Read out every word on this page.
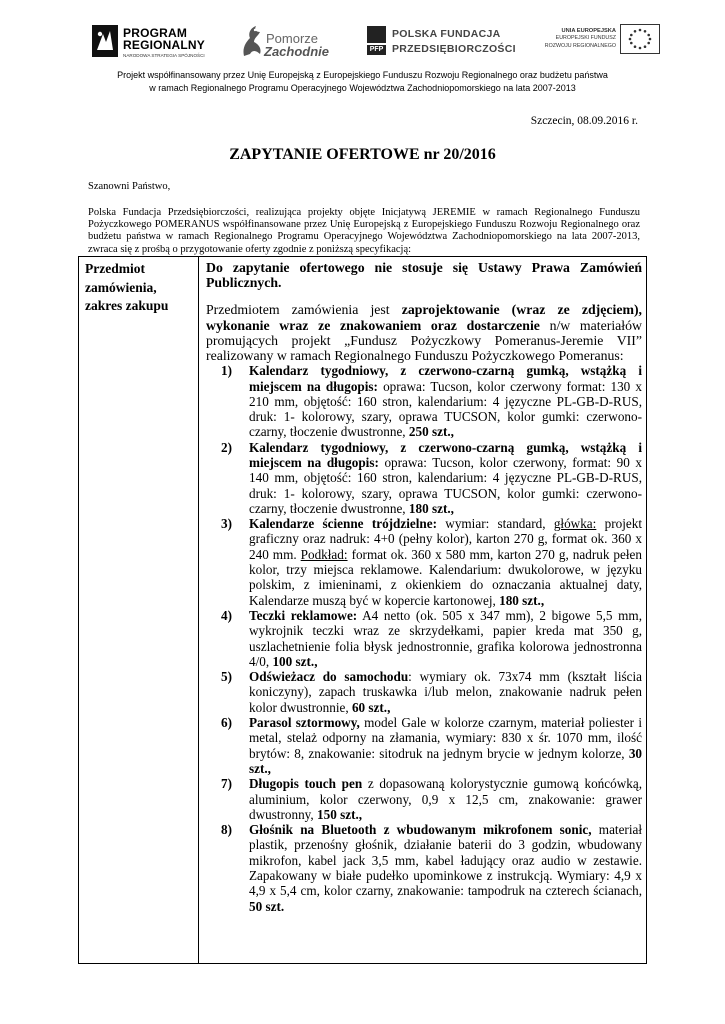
PROGRAM
REGIONALNY
NARODOWA STRATEGIA SPÓJNOŚCI
Pomorze
Zachodnie	PFP
POLSKA FUNDACJA
PRZEDSIĘBIORCZOŚCI
UNIA EUROPEJSKA
EUROPEJSKI FUNDUSZ
ROZWOJU REGIONALNEGO
Projekt współfinansowany przez Unię Europejską z Europejskiego Funduszu Rozwoju Regionalnego oraz budżetu państwa
w ramach Regionalnego Programu Operacyjnego Województwa Zachodniopomorskiego na lata 2007-2013
Szczecin, 08.09.2016 r.
ZAPYTANIE OFERTOWE nr 20/2016
Szanowni Państwo,
Polska Fundacja Przedsiębiorczości, realizująca projekty objęte Inicjatywą JEREMIE w ramach Regionalnego Funduszu Pożyczkowego POMERANUS współfinansowane przez Unię Europejską z Europejskiego Funduszu Rozwoju Regionalnego oraz budżetu państwa w ramach Regionalnego Programu Operacyjnego Województwa Zachodniopomorskiego na lata 2007-2013, zwraca się z prośbą o przygotowanie oferty zgodnie z poniższą specyfikacją:
Przedmiot zamówienia, zakres zakupu

Do zapytanie ofertowego nie stosuje się Ustawy Prawa Zamówień Publicznych.
Przedmiotem zamówienia jest zaprojektowanie (wraz ze zdjęciem), wykonanie wraz ze znakowaniem oraz dostarczenie n/w materiałów promujących projekt „Fundusz Pożyczkowy Pomeranus-Jeremie VII” realizowany w ramach Regionalnego Funduszu Pożyczkowego Pomeranus:
1) Kalendarz tygodniowy, z czerwono-czarną gumką, wstążką i miejscem na długopis: oprawa: Tucson, kolor czerwony format: 130 x 210 mm, objętość: 160 stron, kalendarium: 4 języczne PL-GB-D-RUS, druk: 1- kolorowy, szary, oprawa TUCSON, kolor gumki: czerwono-czarny, tłoczenie dwustronne, 250 szt.,
2) Kalendarz tygodniowy, z czerwono-czarną gumką, wstążką i miejscem na długopis: oprawa: Tucson, kolor czerwony, format: 90 x 140 mm, objętość: 160 stron, kalendarium: 4 języczne PL-GB-D-RUS, druk: 1- kolorowy, szary, oprawa TUCSON, kolor gumki: czerwono-czarny, tłoczenie dwustronne, 180 szt.,
3) Kalendarze ścienne trójdzielne: wymiar: standard, główka: projekt graficzny oraz nadruk: 4+0 (pełny kolor), karton 270 g, format ok. 360 x 240 mm. Podkład: format ok. 360 x 580 mm, karton 270 g, nadruk pełen kolor, trzy miejsca reklamowe. Kalendarium: dwukolorowe, w języku polskim, z imieninami, z okienkiem do oznaczania aktualnej daty, Kalendarze muszą być w kopercie kartonowej, 180 szt.,
4) Teczki reklamowe: A4 netto (ok. 505 x 347 mm), 2 bigowe 5,5 mm, wykrojnik teczki wraz ze skrzydełkami, papier kreda mat 350 g, uszlachetnienie folia błysk jednostronnie, grafika kolorowa jednostronna 4/0, 100 szt.,
5) Odświeżacz do samochodu: wymiary ok. 73x74 mm (kształt liścia koniczyny), zapach truskawka i/lub melon, znakowanie nadruk pełen kolor dwustronnie, 60 szt.,
6) Parasol sztormowy, model Gale w kolorze czarnym, materiał poliester i metal, stelaż odporny na złamania, wymiary: 830 x śr. 1070 mm, ilość brytów: 8, znakowanie: sitodruk na jednym brycie w jednym kolorze, 30 szt.,
7) Długopis touch pen z dopasowaną kolorystycznie gumową końcówką, aluminium, kolor czerwony, 0,9 x 12,5 cm, znakowanie: grawer dwustronny, 150 szt.,
8) Głośnik na Bluetooth z wbudowanym mikrofonem sonic, materiał plastik, przenośny głośnik, działanie baterii do 3 godzin, wbudowany mikrofon, kabel jack 3,5 mm, kabel ładujący oraz audio w zestawie. Zapakowany w białe pudełko upominkowe z instrukcją. Wymiary: 4,9 x 4,9 x 5,4 cm, kolor czarny, znakowanie: tampodruk na czterech ścianach, 50 szt.
